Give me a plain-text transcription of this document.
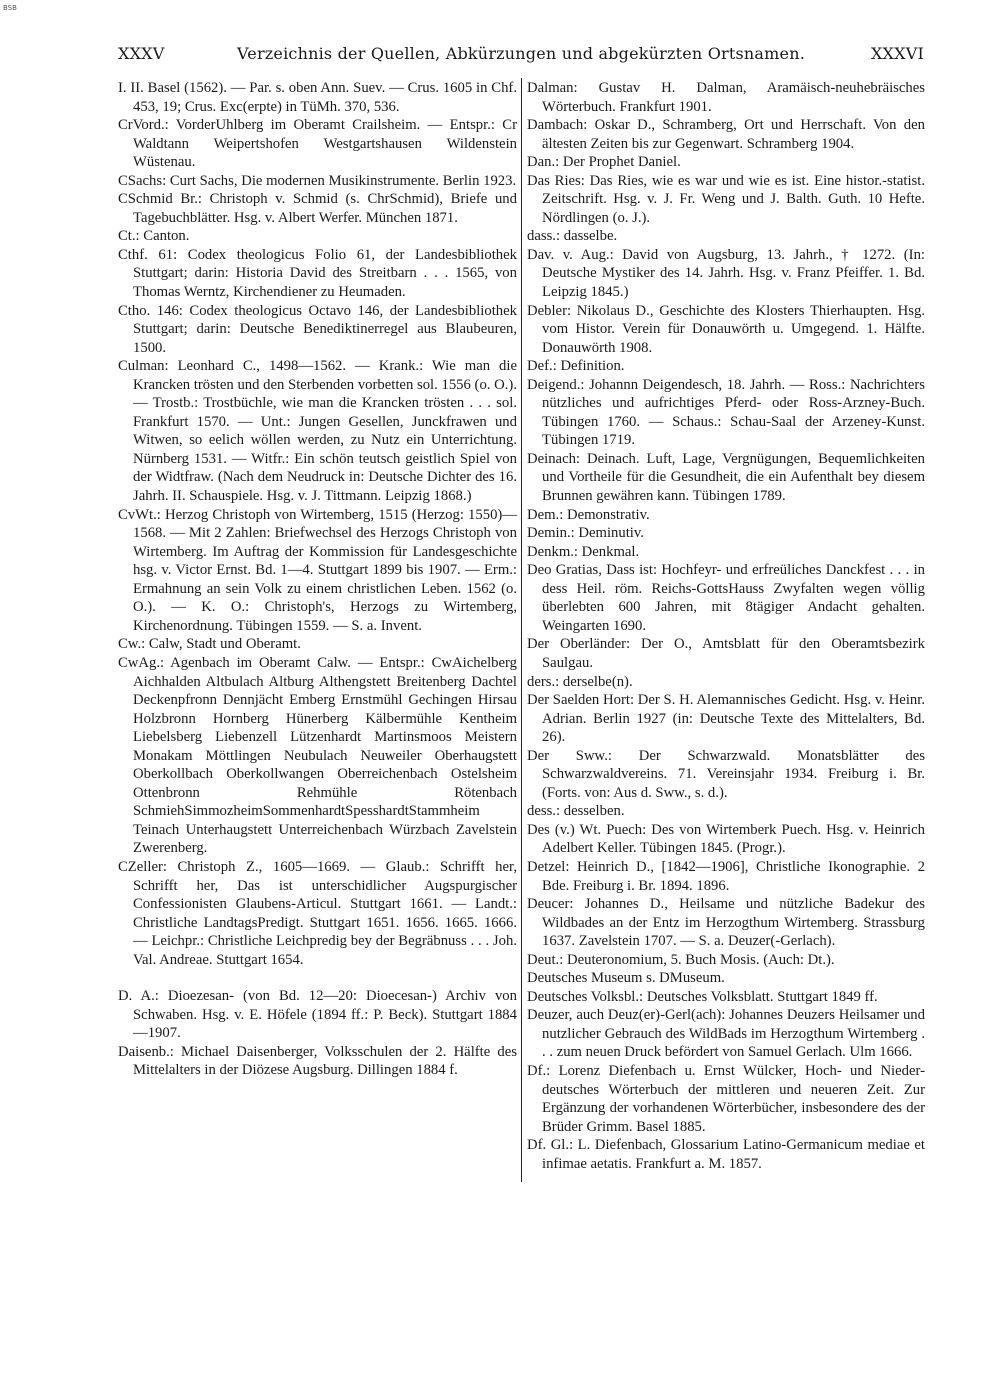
BSB
XXXV	Verzeichnis der Quellen, Abkürzungen und abgekürzten Ortsnamen.	XXXVI

I. II. Basel (1562). — Par. s. oben Ann. Suev. — Crus. 1605 in Chf. 453, 19; Crus. Exc(erpte) in TüMh. 370, 536.

CrVord.: VorderUhlberg im Oberamt Crailsheim. — Entspr.: Cr Waldtann Weipertshofen Westgartshausen Wildenstein Wüstenau.

CSachs: Curt Sachs, Die modernen Musikinstrumente. Berlin 1923.

CSchmid Br.: Christoph v. Schmid (s. ChrSchmid), Briefe und Tagebuchblätter. Hsg. v. Albert Werfer. München 1871.

Ct.: Canton.

Cthf. 61: Codex theologicus Folio 61, der Landesbibliothek Stuttgart; darin: Historia David des Streitbarn . . . 1565, von Thomas Werntz, Kirchendiener zu Heumaden.

Ctho. 146: Codex theologicus Octavo 146, der Landesbibliothek Stuttgart; darin: Deutsche Benediktinerregel aus Blaubeuren, 1500.

Culman: Leonhard C., 1498—1562. — Krank.: Wie man die Krancken trösten und den Sterbenden vorbetten sol. 1556 (o. O.). — Trostb.: Trostbüchle, wie man die Krancken trösten . . . sol. Frankfurt 1570. — Unt.: Jungen Gesellen, Junckfrawen und Witwen, so eelich wöllen werden, zu Nutz ein Unterrichtung. Nürnberg 1531. — Witfr.: Ein schön teutsch geistlich Spiel von der Widtfraw. (Nach dem Neudruck in: Deutsche Dichter des 16. Jahrh. II. Schauspiele. Hsg. v. J. Tittmann. Leipzig 1868.)

CvWt.: Herzog Christoph von Wirtemberg, 1515 (Herzog: 1550)—1568. — Mit 2 Zahlen: Briefwechsel des Herzogs Christoph von Wirtemberg. Im Auftrag der Kommission für Landesgeschichte hsg. v. Victor Ernst. Bd. 1—4. Stuttgart 1899 bis 1907. — Erm.: Ermahnung an sein Volk zu einem christlichen Leben. 1562 (o. O.). — K. O.: Christoph's, Herzogs zu Wirtemberg, Kirchenordnung. Tübingen 1559. — S. a. Invent.

Cw.: Calw, Stadt und Oberamt.

CwAg.: Agenbach im Oberamt Calw. — Entspr.: CwAichelberg Aichhalden Altbulach Altburg Althengstett Breitenberg Dachtel Deckenpfronn Dennjächt Emberg Ernstmühl Gechingen Hirsau Holzbronn Hornberg Hünerberg Kälbermühle Kentheim Liebelsberg Liebenzell Lützenhardt Martinsmoos Meistern Monakam Möttlingen Neubulach Neuweiler Oberhaugstett Oberkollbach Oberkollwangen Oberreichenbach Ostelsheim Ottenbronn Rehmühle Rötenbach SchmiehSimmozheimSommenhardtSpesshardtStammheim Teinach Unterhaugstett Unterreichenbach Würzbach Zavelstein Zwerenberg.

CZeller: Christoph Z., 1605—1669. — Glaub.: Schrifft her, Schrifft her, Das ist unterschidlicher Augspurgischer Confessionisten Glaubens-Articul. Stuttgart 1661. — Landt.: Christliche LandtagsPredigt. Stuttgart 1651. 1656. 1665. 1666. — Leichpr.: Christliche Leichpredig bey der Begräbnuss . . . Joh. Val. Andreae. Stuttgart 1654.

D. A.: Dioezesan- (von Bd. 12—20: Dioecesan-) Archiv von Schwaben. Hsg. v. E. Höfele (1894 ff.: P. Beck). Stuttgart 1884—1907.

Daisenb.: Michael Daisenberger, Volksschulen der 2. Hälfte des Mittelalters in der Diözese Augsburg. Dillingen 1884 f.

Dalman: Gustav H. Dalman, Aramäisch-neuhebräisches Wörterbuch. Frankfurt 1901.

Dambach: Oskar D., Schramberg, Ort und Herrschaft. Von den ältesten Zeiten bis zur Gegenwart. Schramberg 1904.

Dan.: Der Prophet Daniel.

Das Ries: Das Ries, wie es war und wie es ist. Eine histor.-statist. Zeitschrift. Hsg. v. J. Fr. Weng und J. Balth. Guth. 10 Hefte. Nördlingen (o. J.).

dass.: dasselbe.

Dav. v. Aug.: David von Augsburg, 13. Jahrh., † 1272. (In: Deutsche Mystiker des 14. Jahrh. Hsg. v. Franz Pfeiffer. 1. Bd. Leipzig 1845.)

Debler: Nikolaus D., Geschichte des Klosters Thierhaupten. Hsg. vom Histor. Verein für Donauwörth u. Umgegend. 1. Hälfte. Donauwörth 1908.

Def.: Definition.

Deigend.: Johannn Deigendesch, 18. Jahrh. — Ross.: Nachrichters nützliches und aufrichtiges Pferd- oder Ross-Arzney-Buch. Tübingen 1760. — Schaus.: Schau-Saal der Arzeney-Kunst. Tübingen 1719.

Deinach: Deinach. Luft, Lage, Vergnügungen, Bequemlichkeiten und Vortheile für die Gesundheit, die ein Aufenthalt bey diesem Brunnen gewähren kann. Tübingen 1789.

Dem.: Demonstrativ.

Demin.: Deminutiv.

Denkm.: Denkmal.

Deo Gratias, Dass ist: Hochfeyr- und erfreüliches Danckfest . . . in dess Heil. röm. Reichs-GottsHauss Zwyfalten wegen völlig überlebten 600 Jahren, mit 8tägiger Andacht gehalten. Weingarten 1690.

Der Oberländer: Der O., Amtsblatt für den Oberamtsbezirk Saulgau.

ders.: derselbe(n).

Der Saelden Hort: Der S. H. Alemannisches Gedicht. Hsg. v. Heinr. Adrian. Berlin 1927 (in: Deutsche Texte des Mittelalters, Bd. 26).

Der Sww.: Der Schwarzwald. Monatsblätter des Schwarzwaldvereins. 71. Vereinsjahr 1934. Freiburg i. Br. (Forts. von: Aus d. Sww., s. d.).

dess.: desselben.

Des (v.) Wt. Puech: Des von Wirtemberk Puech. Hsg. v. Heinrich Adelbert Keller. Tübingen 1845. (Progr.).

Detzel: Heinrich D., [1842—1906], Christliche Ikonographie. 2 Bde. Freiburg i. Br. 1894. 1896.

Deucer: Johannes D., Heilsame und nützliche Badekur des Wildbades an der Entz im Herzogthum Wirtemberg. Strassburg 1637. Zavelstein 1707. — S. a. Deuzer(-Gerlach).

Deut.: Deuteronomium, 5. Buch Mosis. (Auch: Dt.).

Deutsches Museum s. DMuseum.

Deutsches Volksbl.: Deutsches Volksblatt. Stuttgart 1849 ff.

Deuzer, auch Deuz(er)-Gerl(ach): Johannes Deuzers Heilsamer und nutzlicher Gebrauch des WildBads im Herzogthum Wirtemberg . . . zum neuen Druck befördert von Samuel Gerlach. Ulm 1666.

Df.: Lorenz Diefenbach u. Ernst Wülcker, Hoch- und Nieder-deutsches Wörterbuch der mittleren und neueren Zeit. Zur Ergänzung der vorhandenen Wörterbücher, insbesondere des der Brüder Grimm. Basel 1885.

Df. Gl.: L. Diefenbach, Glossarium Latino-Germanicum mediae et infimae aetatis. Frankfurt a. M. 1857.
